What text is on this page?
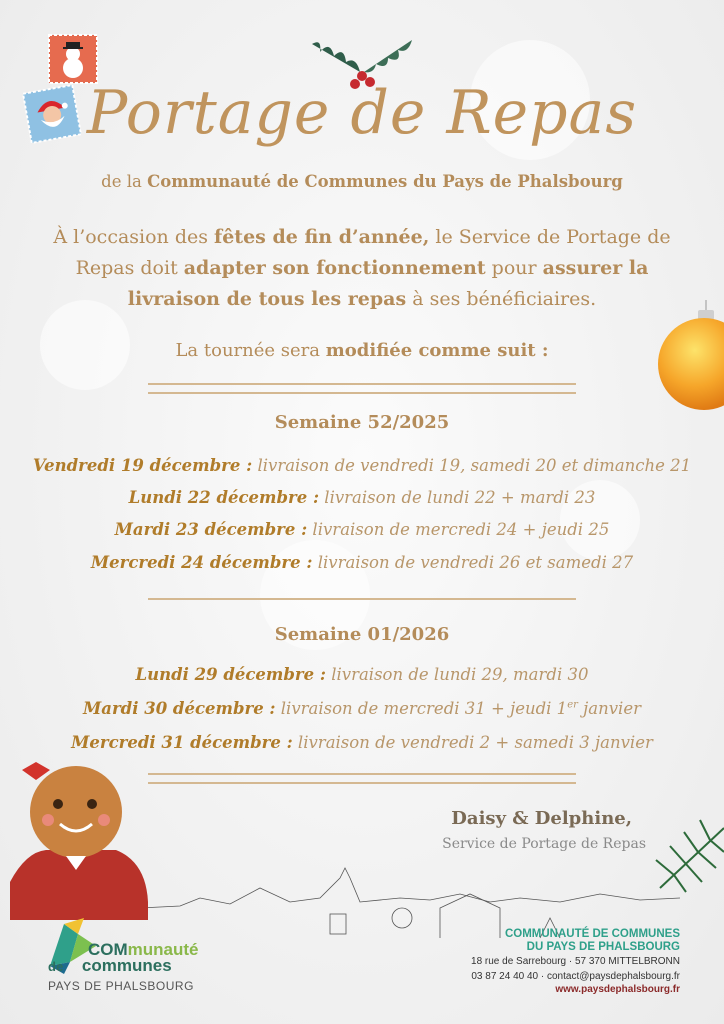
Portage de Repas
de la Communauté de Communes du Pays de Phalsbourg
À l’occasion des fêtes de fin d’année, le Service de Portage de Repas doit adapter son fonctionnement pour assurer la livraison de tous les repas à ses bénéficiaires.
La tournée sera modifiée comme suit :
Semaine 52/2025
Vendredi 19 décembre : livraison de vendredi 19, samedi 20 et dimanche 21
Lundi 22 décembre : livraison de lundi 22 + mardi 23
Mardi 23 décembre : livraison de mercredi 24 + jeudi 25
Mercredi 24 décembre : livraison de vendredi 26 et samedi 27
Semaine 01/2026
Lundi 29 décembre : livraison de lundi 29, mardi 30
Mardi 30 décembre : livraison de mercredi 31 + jeudi 1er janvier
Mercredi 31 décembre : livraison de vendredi 2 + samedi 3 janvier
Daisy & Delphine,
Service de Portage de Repas
COMmunauté
de communes
PAYS DE PHALSBOURG
COMMUNAUTÉ DE COMMUNES
DU PAYS DE PHALSBOURG
18 rue de Sarrebourg · 57 370 MITTELBRONN
03 87 24 40 40 · contact@paysdephalsbourg.fr
www.paysdephalsbourg.fr
